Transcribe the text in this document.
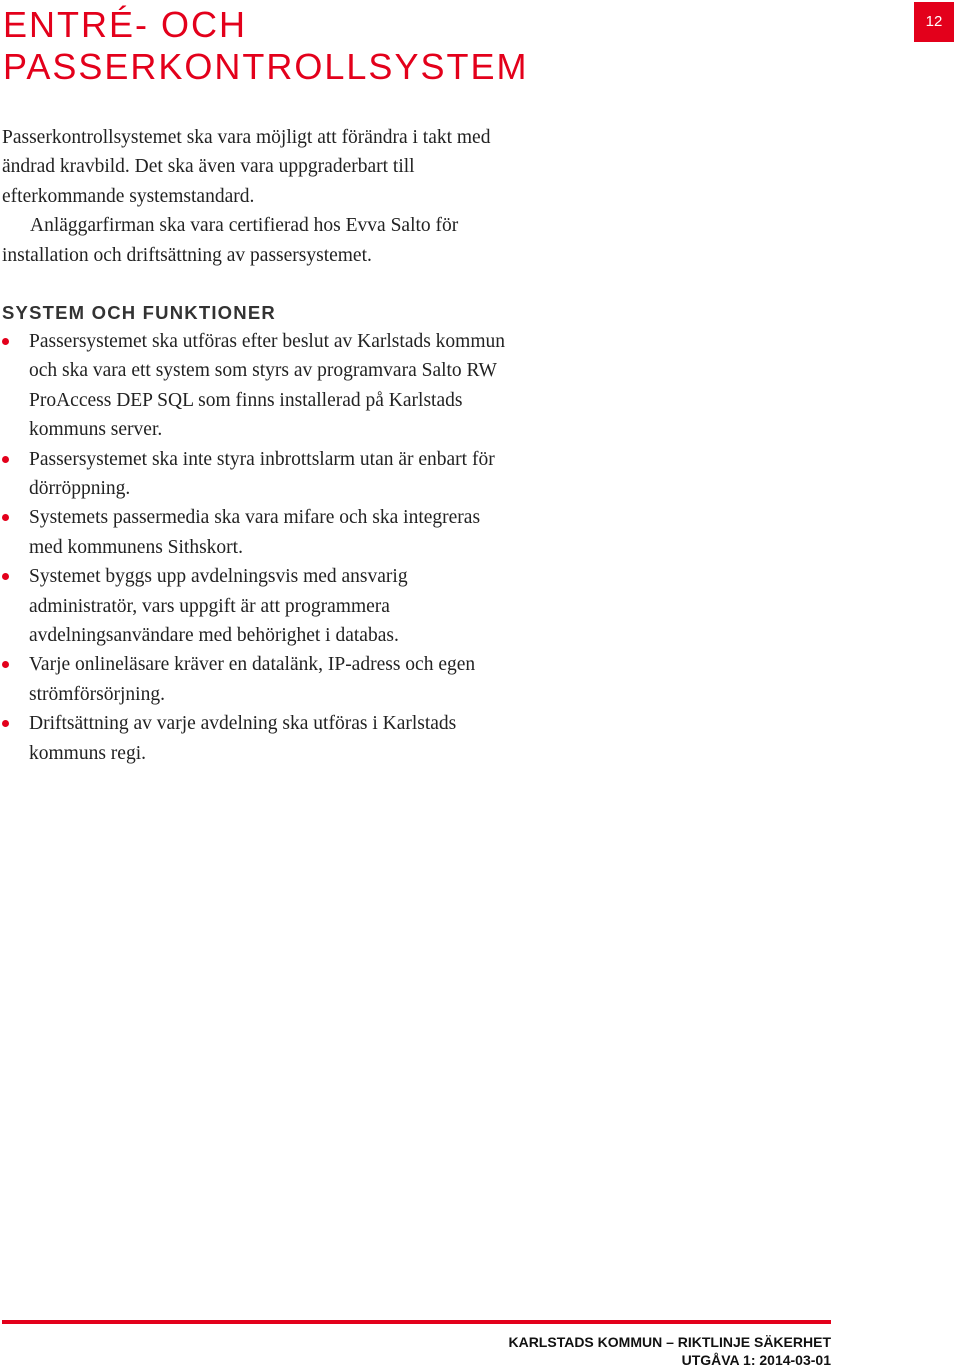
ENTRÉ- OCH
PASSERKONTROLLSYSTEM
12
Passerkontrollsystemet ska vara möjligt att förändra i takt med
ändrad kravbild. Det ska även vara uppgraderbart till
efterkommande systemstandard.
Anläggarfirman ska vara certifierad hos Evva Salto för
installation och driftsättning av passersystemet.
SYSTEM OCH FUNKTIONER
Passersystemet ska utföras efter beslut av Karlstads kommun
och ska vara ett system som styrs av programvara Salto RW
ProAccess DEP SQL som finns installerad på Karlstads
kommuns server.
Passersystemet ska inte styra inbrottslarm utan är enbart för
dörröppning.
Systemets passermedia ska vara mifare och ska integreras
med kommunens Sithskort.
Systemet byggs upp avdelningsvis med ansvarig
administratör, vars uppgift är att programmera
avdelningsanvändare med behörighet i databas.
Varje onlineläsare kräver en datalänk, IP-adress och egen
strömförsörjning.
Driftsättning av varje avdelning ska utföras i Karlstads
kommuns regi.
KARLSTADS KOMMUN – RIKTLINJE SÄKERHET
UTGÅVA 1: 2014-03-01
